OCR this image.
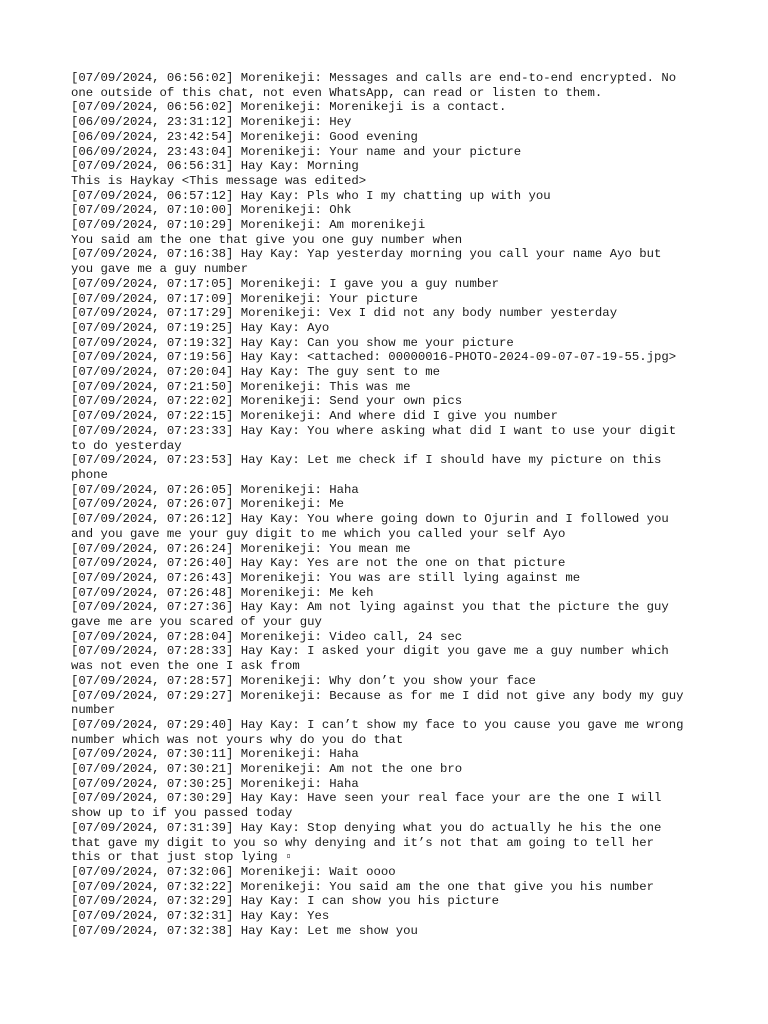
[07/09/2024, 06:56:02] Morenikeji: Messages and calls are end-to-end encrypted. No
one outside of this chat, not even WhatsApp, can read or listen to them.
[07/09/2024, 06:56:02] Morenikeji: Morenikeji is a contact.
[06/09/2024, 23:31:12] Morenikeji: Hey
[06/09/2024, 23:42:54] Morenikeji: Good evening
[06/09/2024, 23:43:04] Morenikeji: Your name and your picture
[07/09/2024, 06:56:31] Hay Kay: Morning
This is Haykay <This message was edited>
[07/09/2024, 06:57:12] Hay Kay: Pls who I my chatting up with you
[07/09/2024, 07:10:00] Morenikeji: Ohk
[07/09/2024, 07:10:29] Morenikeji: Am morenikeji
You said am the one that give you one guy number when
[07/09/2024, 07:16:38] Hay Kay: Yap yesterday morning you call your name Ayo but
you gave me a guy number
[07/09/2024, 07:17:05] Morenikeji: I gave you a guy number
[07/09/2024, 07:17:09] Morenikeji: Your picture
[07/09/2024, 07:17:29] Morenikeji: Vex I did not any body number yesterday
[07/09/2024, 07:19:25] Hay Kay: Ayo
[07/09/2024, 07:19:32] Hay Kay: Can you show me your picture
[07/09/2024, 07:19:56] Hay Kay: <attached: 00000016-PHOTO-2024-09-07-07-19-55.jpg>
[07/09/2024, 07:20:04] Hay Kay: The guy sent to me
[07/09/2024, 07:21:50] Morenikeji: This was me
[07/09/2024, 07:22:02] Morenikeji: Send your own pics
[07/09/2024, 07:22:15] Morenikeji: And where did I give you number
[07/09/2024, 07:23:33] Hay Kay: You where asking what did I want to use your digit
to do yesterday
[07/09/2024, 07:23:53] Hay Kay: Let me check if I should have my picture on this
phone
[07/09/2024, 07:26:05] Morenikeji: Haha
[07/09/2024, 07:26:07] Morenikeji: Me
[07/09/2024, 07:26:12] Hay Kay: You where going down to Ojurin and I followed you
and you gave me your guy digit to me which you called your self Ayo
[07/09/2024, 07:26:24] Morenikeji: You mean me
[07/09/2024, 07:26:40] Hay Kay: Yes are not the one on that picture
[07/09/2024, 07:26:43] Morenikeji: You was are still lying against me
[07/09/2024, 07:26:48] Morenikeji: Me keh
[07/09/2024, 07:27:36] Hay Kay: Am not lying against you that the picture the guy
gave me are you scared of your guy
[07/09/2024, 07:28:04] Morenikeji: Video call, 24 sec
[07/09/2024, 07:28:33] Hay Kay: I asked your digit you gave me a guy number which
was not even the one I ask from
[07/09/2024, 07:28:57] Morenikeji: Why don’t you show your face
[07/09/2024, 07:29:27] Morenikeji: Because as for me I did not give any body my guy
number
[07/09/2024, 07:29:40] Hay Kay: I can’t show my face to you cause you gave me wrong
number which was not yours why do you do that
[07/09/2024, 07:30:11] Morenikeji: Haha
[07/09/2024, 07:30:21] Morenikeji: Am not the one bro
[07/09/2024, 07:30:25] Morenikeji: Haha
[07/09/2024, 07:30:29] Hay Kay: Have seen your real face your are the one I will
show up to if you passed today
[07/09/2024, 07:31:39] Hay Kay: Stop denying what you do actually he his the one
that gave my digit to you so why denying and it’s not that am going to tell her
this or that just stop lying ▫
[07/09/2024, 07:32:06] Morenikeji: Wait oooo
[07/09/2024, 07:32:22] Morenikeji: You said am the one that give you his number
[07/09/2024, 07:32:29] Hay Kay: I can show you his picture
[07/09/2024, 07:32:31] Hay Kay: Yes
[07/09/2024, 07:32:38] Hay Kay: Let me show you
